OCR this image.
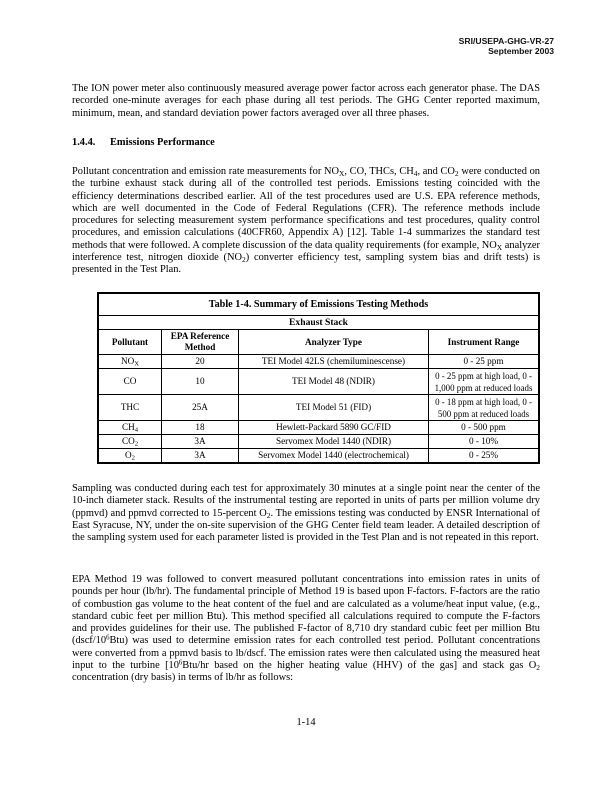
SRI/USEPA-GHG-VR-27
September 2003

The ION power meter also continuously measured average power factor across each generator phase. The DAS recorded one-minute averages for each phase during all test periods. The GHG Center reported maximum, minimum, mean, and standard deviation power factors averaged over all three phases.

1.4.4. Emissions Performance

Pollutant concentration and emission rate measurements for $NO_X$, CO, THCs, $CH_4$, and $CO_2$ were conducted on the turbine exhaust stack during all of the controlled test periods. Emissions testing coincided with the efficiency determinations described earlier. All of the test procedures used are U.S. EPA reference methods, which are well documented in the Code of Federal Regulations (CFR). The reference methods include procedures for selecting measurement system performance specifications and test procedures, quality control procedures, and emission calculations (40CFR60, Appendix A) [12]. Table 1-4 summarizes the standard test methods that were followed. A complete discussion of the data quality requirements (for example, $NO_X$ analyzer interference test, nitrogen dioxide $(NO_2)$ converter efficiency test, sampling system bias and drift tests) is presented in the Test Plan.

Table 1-4. Summary of Emissions Testing Methods			
Exhaust Stack			
Pollutant	EPA Reference Method	Analyzer Type	Instrument Range
$NO_X$	20	TEI Model 42LS (chemiluminescense)	0 - 25 ppm
CO	10	TEI Model 48 (NDIR)	0 - 25 ppm at high load, 0 - 1,000 ppm at reduced loads
THC	25A	TEI Model 51 (FID)	0 - 18 ppm at high load, 0 - 500 ppm at reduced loads
$CH_4$	18	Hewlett-Packard 5890 GC/FID	0 - 500 ppm
$CO_2$	3A	Servomex Model 1440 (NDIR)	0 - 10%
$O_2$	3A	Servomex Model 1440 (electrochemical)	0 - 25%

Sampling was conducted during each test for approximately 30 minutes at a single point near the center of the 10-inch diameter stack. Results of the instrumental testing are reported in units of parts per million volume dry (ppmvd) and ppmvd corrected to 15-percent $O_2$. The emissions testing was conducted by ENSR International of East Syracuse, NY, under the on-site supervision of the GHG Center field team leader. A detailed description of the sampling system used for each parameter listed is provided in the Test Plan and is not repeated in this report.

EPA Method 19 was followed to convert measured pollutant concentrations into emission rates in units of pounds per hour (lb/hr). The fundamental principle of Method 19 is based upon F-factors. F-factors are the ratio of combustion gas volume to the heat content of the fuel and are calculated as a volume/heat input value, (e.g., standard cubic feet per million Btu). This method specified all calculations required to compute the F-factors and provides guidelines for their use. The published F-factor of 8,710 dry standard cubic feet per million Btu $(dscf/10^6Btu)$ was used to determine emission rates for each controlled test period. Pollutant concentrations were converted from a ppmvd basis to lb/dscf. The emission rates were then calculated using the measured heat input to the turbine [$10^6Btu/hr$ based on the higher heating value (HHV) of the gas] and stack gas $O_2$ concentration (dry basis) in terms of lb/hr as follows:

1-14
